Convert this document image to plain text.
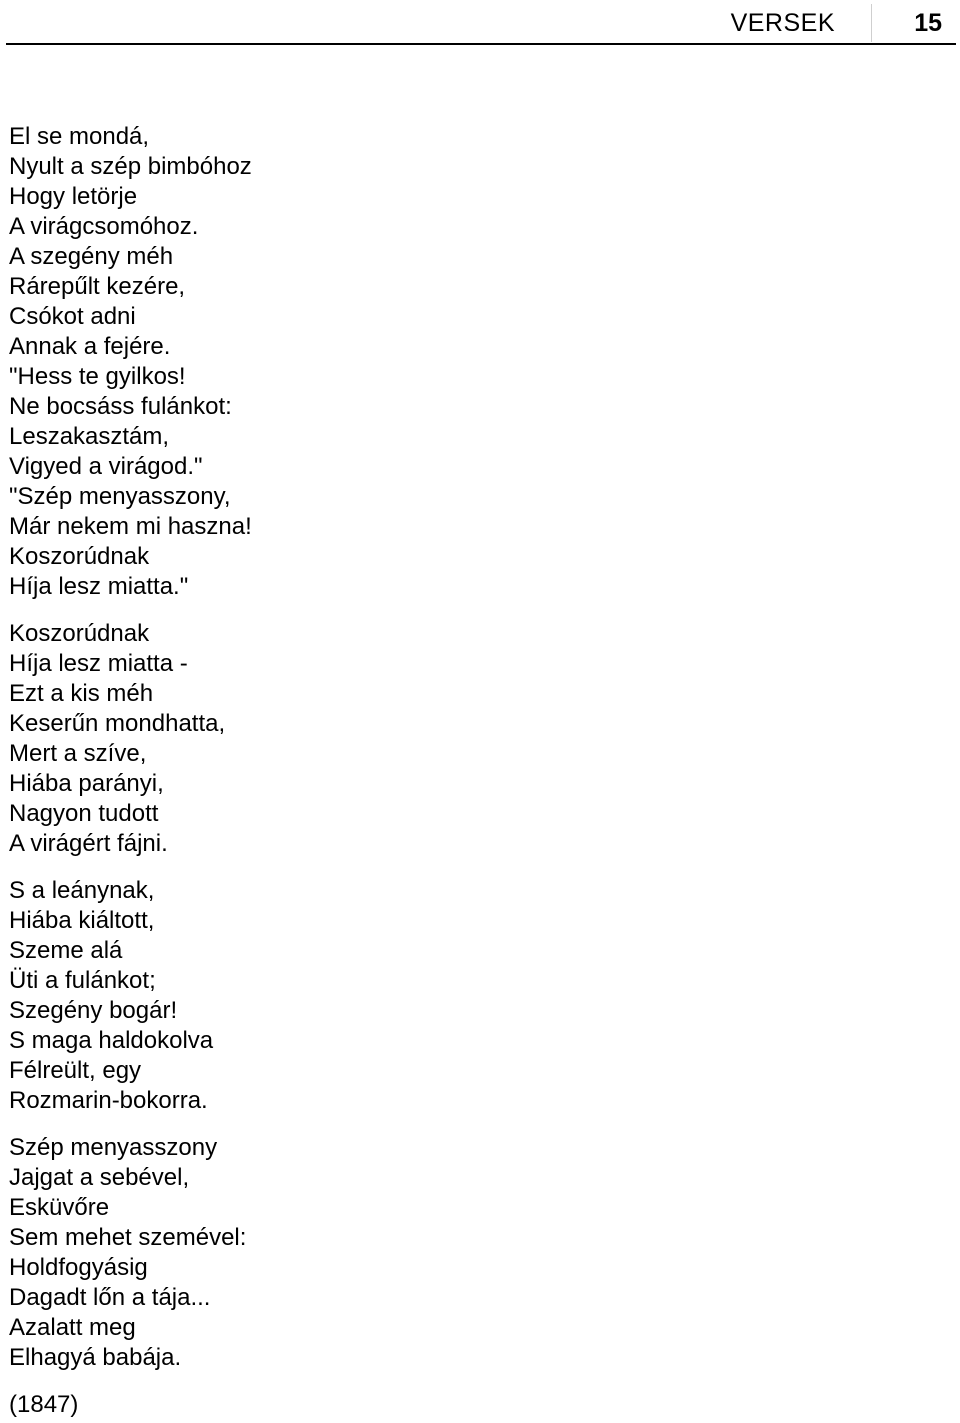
VERSEK	15
El se mondá,
Nyult a szép bimbóhoz
Hogy letörje
A virágcsomóhoz.
A szegény méh
Rárepűlt kezére,
Csókot adni
Annak a fejére.
"Hess te gyilkos!
Ne bocsáss fulánkot:
Leszakasztám,
Vigyed a virágod."
"Szép menyasszony,
Már nekem mi haszna!
Koszorúdnak
Híja lesz miatta."
Koszorúdnak
Híja lesz miatta -
Ezt a kis méh
Keserűn mondhatta,
Mert a szíve,
Hiába parányi,
Nagyon tudott
A virágért fájni.
S a leánynak,
Hiába kiáltott,
Szeme alá
Üti a fulánkot;
Szegény bogár!
S maga haldokolva
Félreült, egy
Rozmarin-bokorra.
Szép menyasszony
Jajgat a sebével,
Esküvőre
Sem mehet szemével:
Holdfogyásig
Dagadt lőn a tája...
Azalatt meg
Elhagyá babája.
(1847)
